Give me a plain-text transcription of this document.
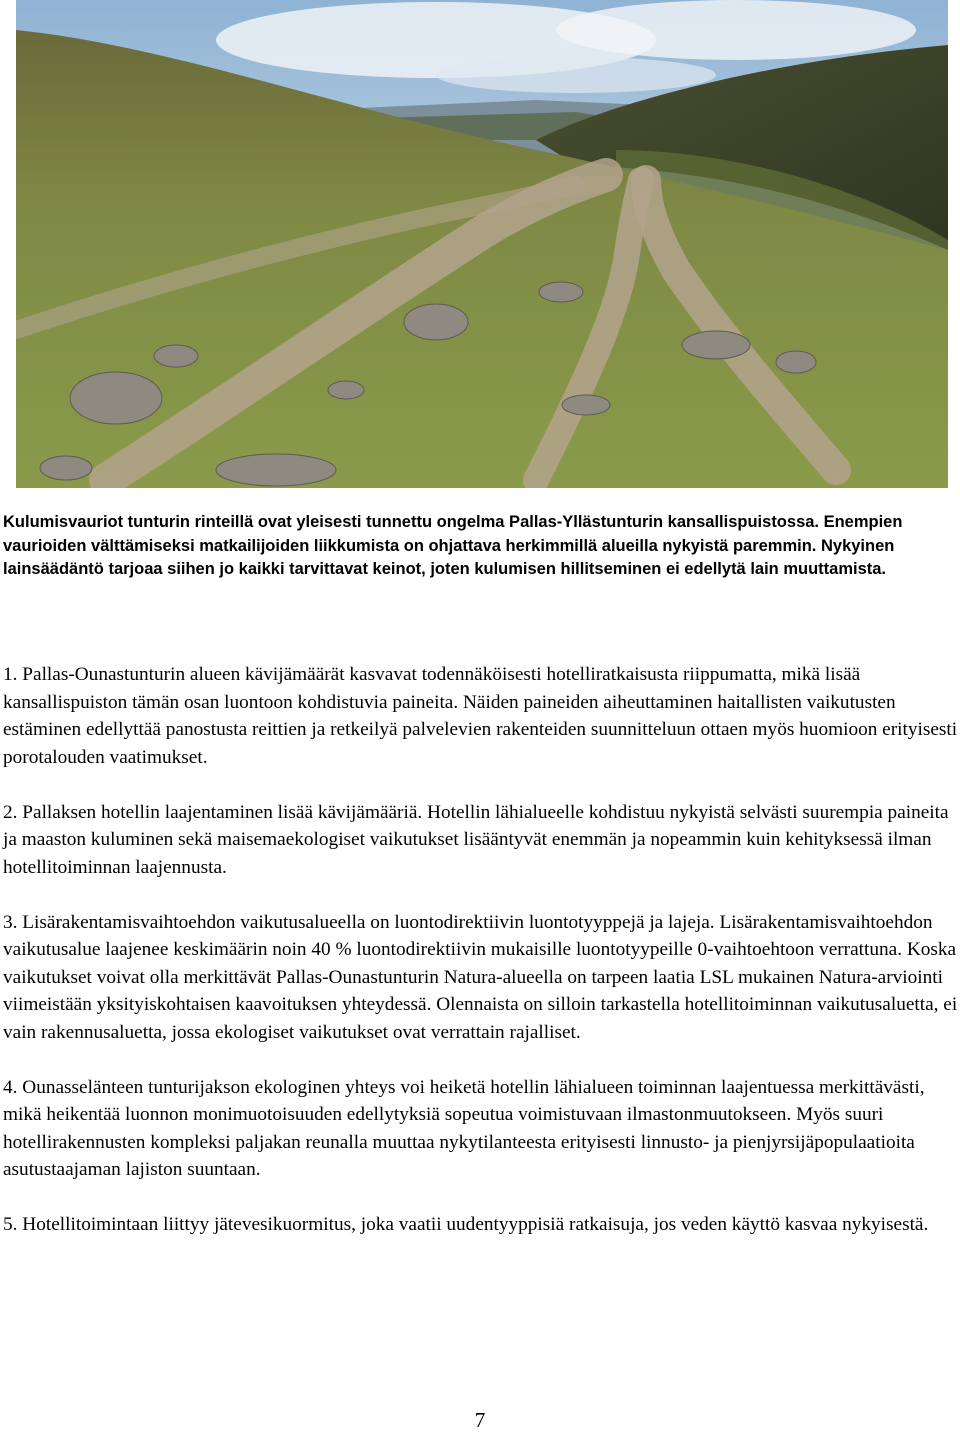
Kulumisvauriot tunturin rinteillä ovat yleisesti tunnettu ongelma Pallas-Yllästunturin kansallispuistossa. Enempien vaurioiden välttämiseksi matkailijoiden liikkumista on ohjattava herkimmillä alueilla nykyistä paremmin. Nykyinen lainsäädäntö tarjoaa siihen jo kaikki tarvittavat keinot, joten kulumisen hillitseminen ei edellytä lain muuttamista.

1. Pallas-Ounastunturin alueen kävijämäärät kasvavat todennäköisesti hotelliratkaisusta riippumatta, mikä lisää kansallispuiston tämän osan luontoon kohdistuvia paineita. Näiden paineiden aiheuttaminen haitallisten vaikutusten estäminen edellyttää panostusta reittien ja retkeilyä palvelevien rakenteiden suunnitteluun ottaen myös huomioon erityisesti porotalouden vaatimukset.

2. Pallaksen hotellin laajentaminen lisää kävijämääriä. Hotellin lähialueelle kohdistuu nykyistä selvästi suurempia paineita ja maaston kuluminen sekä maisemaekologiset vaikutukset lisääntyvät enemmän ja nopeammin kuin kehityksessä ilman hotellitoiminnan laajennusta.

3. Lisärakentamisvaihtoehdon vaikutusalueella on luontodirektiivin luontotyyppejä ja lajeja. Lisärakentamisvaihtoehdon vaikutusalue laajenee keskimäärin noin 40 % luontodirektiivin mukaisille luontotyypeille 0-vaihtoehtoon verrattuna. Koska vaikutukset voivat olla merkittävät Pallas-Ounastunturin Natura-alueella on tarpeen laatia LSL mukainen Natura-arviointi viimeistään yksityiskohtaisen kaavoituksen yhteydessä. Olennaista on silloin tarkastella hotellitoiminnan vaikutusaluetta, ei vain rakennusaluetta, jossa ekologiset vaikutukset ovat verrattain rajalliset.

4. Ounasselänteen tunturijakson ekologinen yhteys voi heiketä hotellin lähialueen toiminnan laajentuessa merkittävästi, mikä heikentää luonnon monimuotoisuuden edellytyksiä sopeutua voimistuvaan ilmastonmuutokseen. Myös suuri hotellirakennusten kompleksi paljakan reunalla muuttaa nykytilanteesta erityisesti linnusto- ja pienjyrsijäpopulaatioita asutustaajaman lajiston suuntaan.

5. Hotellitoimintaan liittyy jätevesikuormitus, joka vaatii uudentyyppisiä ratkaisuja, jos veden käyttö kasvaa nykyisestä.

7
